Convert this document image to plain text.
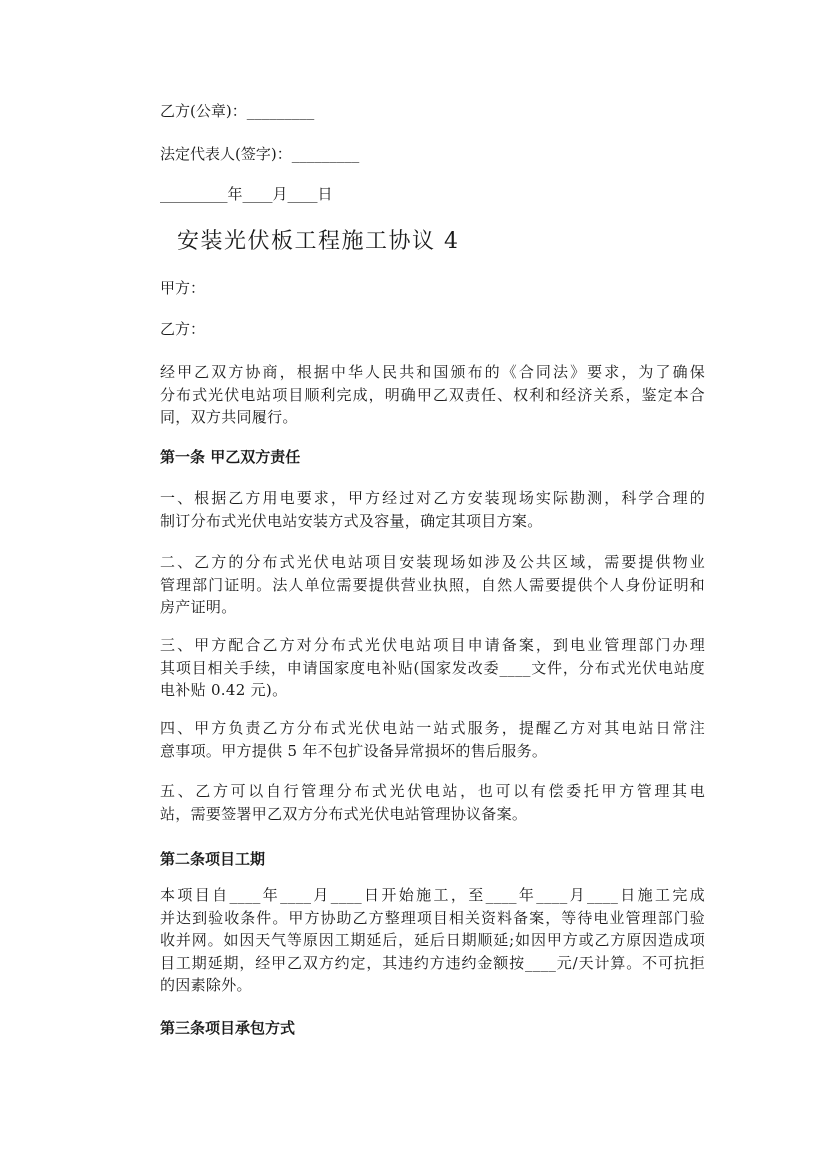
乙方(公章)：_________
法定代表人(签字)：_________
_________年____月____日
安装光伏板工程施工协议 4
甲方：
乙方：
经甲乙双方协商，根据中华人民共和国颁布的《合同法》要求，为了确保
分布式光伏电站项目顺利完成，明确甲乙双责任、权利和经济关系，鉴定本合
同，双方共同履行。
第一条 甲乙双方责任
一、根据乙方用电要求，甲方经过对乙方安装现场实际勘测，科学合理的
制订分布式光伏电站安装方式及容量，确定其项目方案。
二、乙方的分布式光伏电站项目安装现场如涉及公共区域，需要提供物业
管理部门证明。法人单位需要提供营业执照，自然人需要提供个人身份证明和
房产证明。
三、甲方配合乙方对分布式光伏电站项目申请备案，到电业管理部门办理
其项目相关手续，申请国家度电补贴(国家发改委____文件，分布式光伏电站度
电补贴 0.42 元)。
四、甲方负责乙方分布式光伏电站一站式服务，提醒乙方对其电站日常注
意事项。甲方提供 5 年不包扩设备异常损坏的售后服务。
五、乙方可以自行管理分布式光伏电站，也可以有偿委托甲方管理其电
站，需要签署甲乙双方分布式光伏电站管理协议备案。
第二条项目工期
本项目自____年____月____日开始施工，至____年____月____日施工完成
并达到验收条件。甲方协助乙方整理项目相关资料备案，等待电业管理部门验
收并网。如因天气等原因工期延后，延后日期顺延;如因甲方或乙方原因造成项
目工期延期，经甲乙双方约定，其违约方违约金额按____元/天计算。不可抗拒
的因素除外。
第三条项目承包方式
